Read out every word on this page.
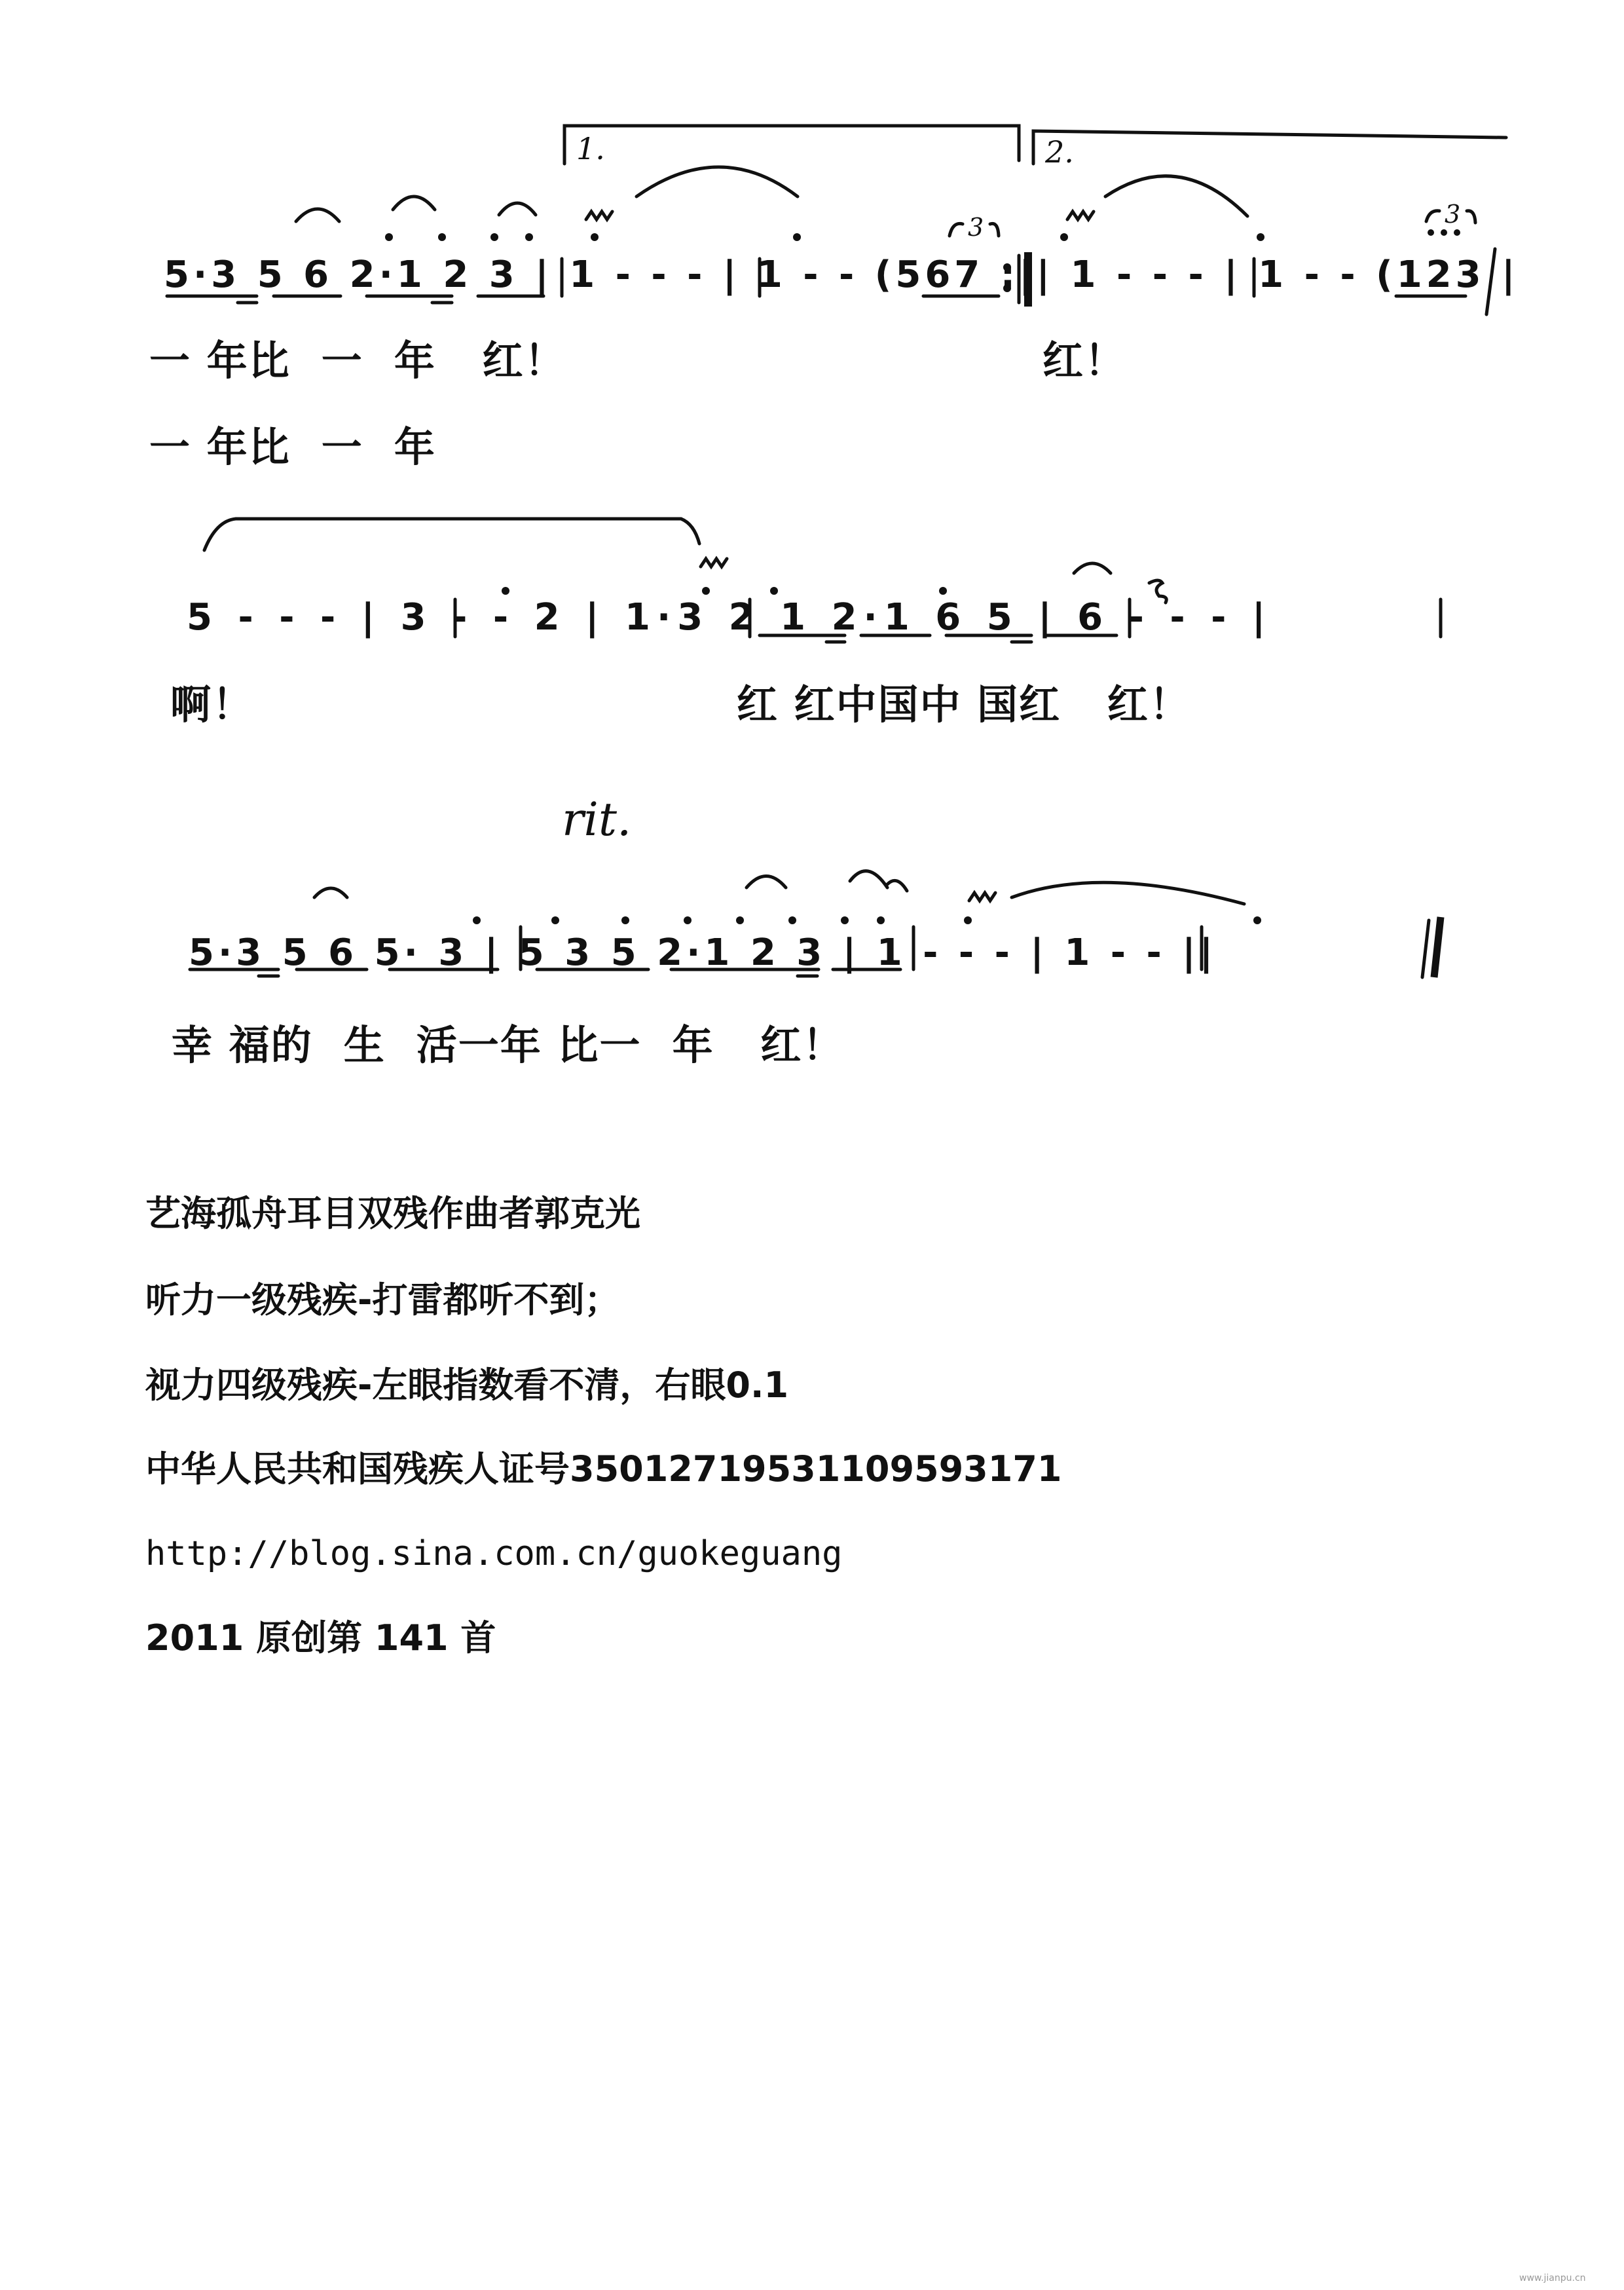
1.	2.
3	3
5·3 5 6 2·1 2 3 | 1 - - - | 1 - - (567 :|| 1 - - - | 1 - - (123 |
一 年比  一  年   红！	红！
一 年比  一  年
5 - - - | 3 - - 2 | 1·3 2 1 2·1 6 5 | 6 - - - |
啊！	红 红中国中 国红   红！
rit.
5·3 5 6 5· 3 | 5 3 5 2·1 2 3 | 1 - - - | 1 - - ||
幸 福的  生  活一年 比一  年   红！
艺海孤舟耳目双残作曲者郭克光
听力一级残疾-打雷都听不到；
视力四级残疾-左眼指数看不清，右眼0.1
中华人民共和国残疾人证号35012719531109593171
http://blog.sina.com.cn/guokeguang
2011 原创第 141 首
www.jianpu.cn
